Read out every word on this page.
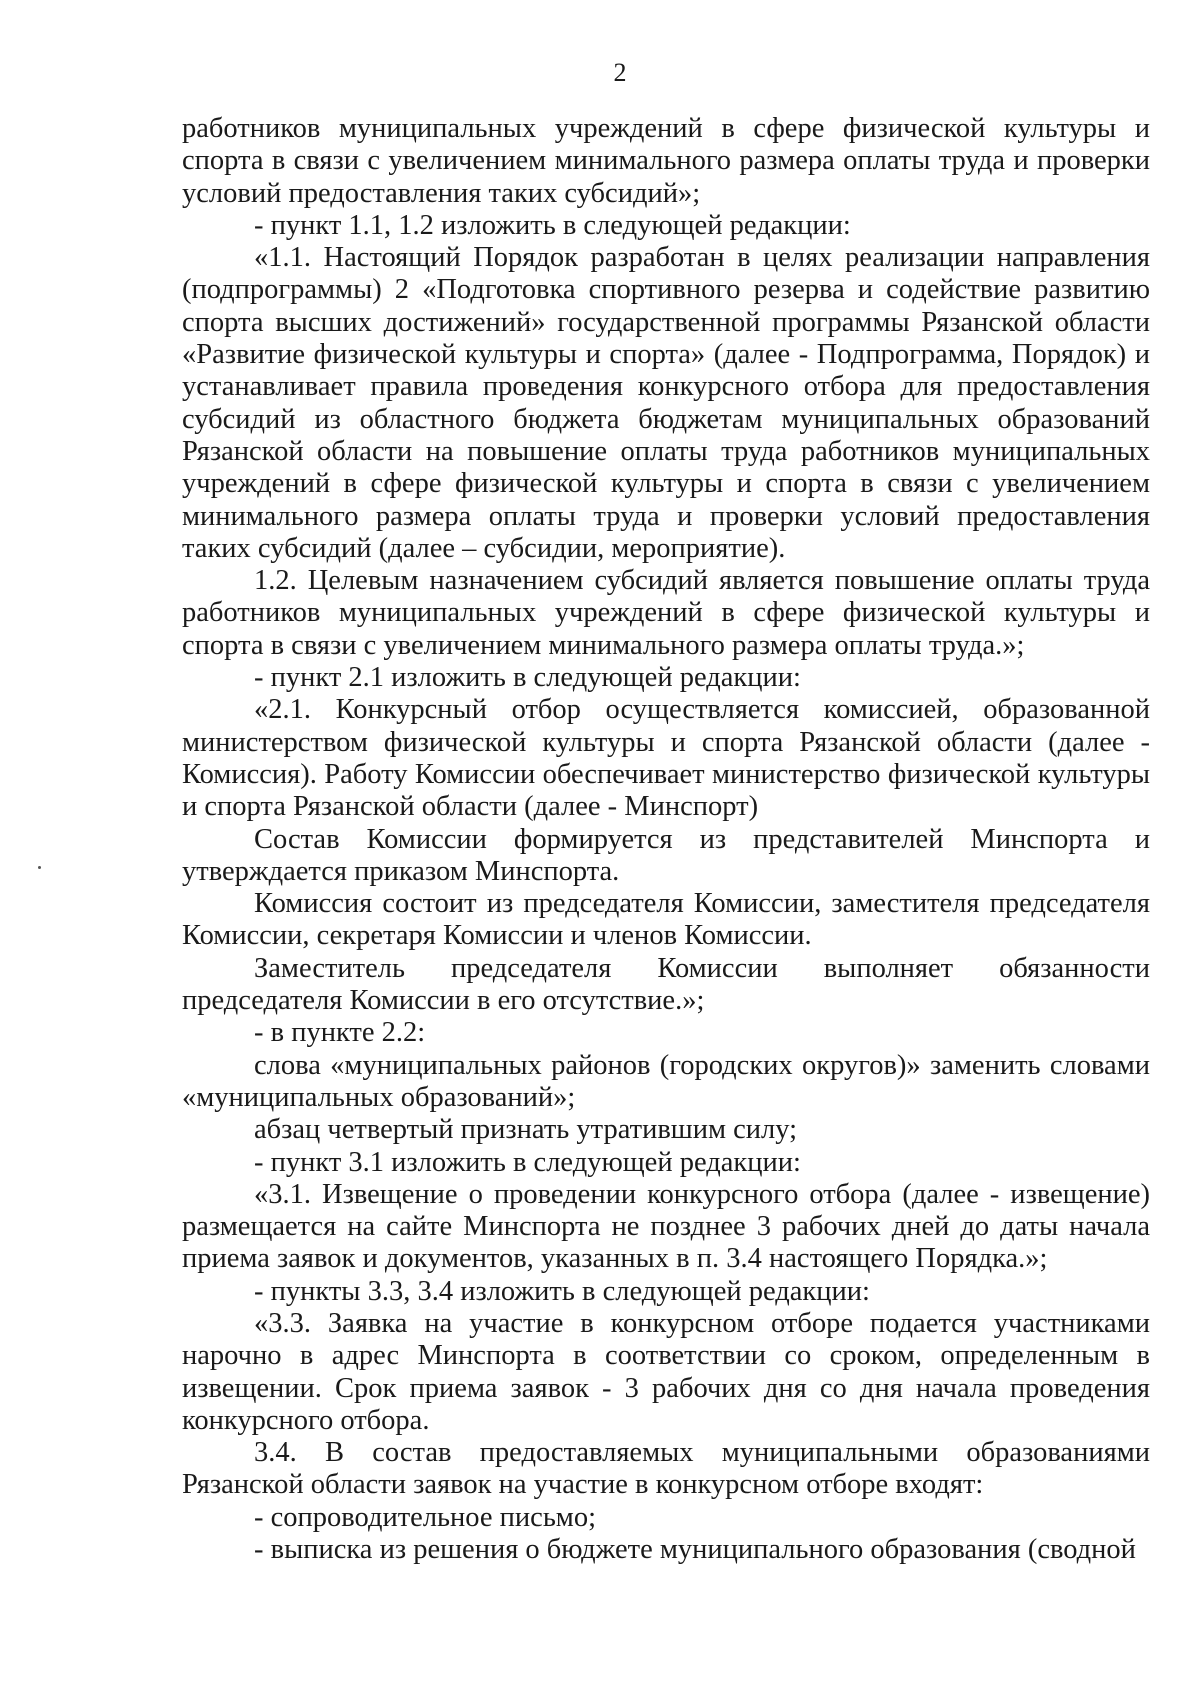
2

работников муниципальных учреждений в сфере физической культуры и спорта в связи с увеличением минимального размера оплаты труда и проверки условий предоставления таких субсидий»;

- пункт 1.1, 1.2 изложить в следующей редакции:

«1.1. Настоящий Порядок разработан в целях реализации направления (подпрограммы) 2 «Подготовка спортивного резерва и содействие развитию спорта высших достижений» государственной программы Рязанской области «Развитие физической культуры и спорта» (далее - Подпрограмма, Порядок) и устанавливает правила проведения конкурсного отбора для предоставления субсидий из областного бюджета бюджетам муниципальных образований Рязанской области на повышение оплаты труда работников муниципальных учреждений в сфере физической культуры и спорта в связи с увеличением минимального размера оплаты труда и проверки условий предоставления таких субсидий (далее – субсидии, мероприятие).

1.2. Целевым назначением субсидий является повышение оплаты труда работников муниципальных учреждений в сфере физической культуры и спорта в связи с увеличением минимального размера оплаты труда.»;

- пункт 2.1 изложить в следующей редакции:

«2.1. Конкурсный отбор осуществляется комиссией, образованной министерством физической культуры и спорта Рязанской области (далее - Комиссия). Работу Комиссии обеспечивает министерство физической культуры и спорта Рязанской области (далее - Минспорт)

Состав Комиссии формируется из представителей Минспорта и утверждается приказом Минспорта.

Комиссия состоит из председателя Комиссии, заместителя председателя Комиссии, секретаря Комиссии и членов Комиссии.

Заместитель председателя Комиссии выполняет обязанности председателя Комиссии в его отсутствие.»;

- в пункте 2.2:

слова «муниципальных районов (городских округов)» заменить словами «муниципальных образований»;

абзац четвертый признать утратившим силу;

- пункт 3.1 изложить в следующей редакции:

«3.1. Извещение о проведении конкурсного отбора (далее - извещение) размещается на сайте Минспорта не позднее 3 рабочих дней до даты начала приема заявок и документов, указанных в п. 3.4 настоящего Порядка.»;

- пункты 3.3, 3.4 изложить в следующей редакции:

«3.3. Заявка на участие в конкурсном отборе подается участниками нарочно в адрес Минспорта в соответствии со сроком, определенным в извещении. Срок приема заявок - 3 рабочих дня со дня начала проведения конкурсного отбора.

3.4. В состав предоставляемых муниципальными образованиями Рязанской области заявок на участие в конкурсном отборе входят:

- сопроводительное письмо;

- выписка из решения о бюджете муниципального образования (сводной
